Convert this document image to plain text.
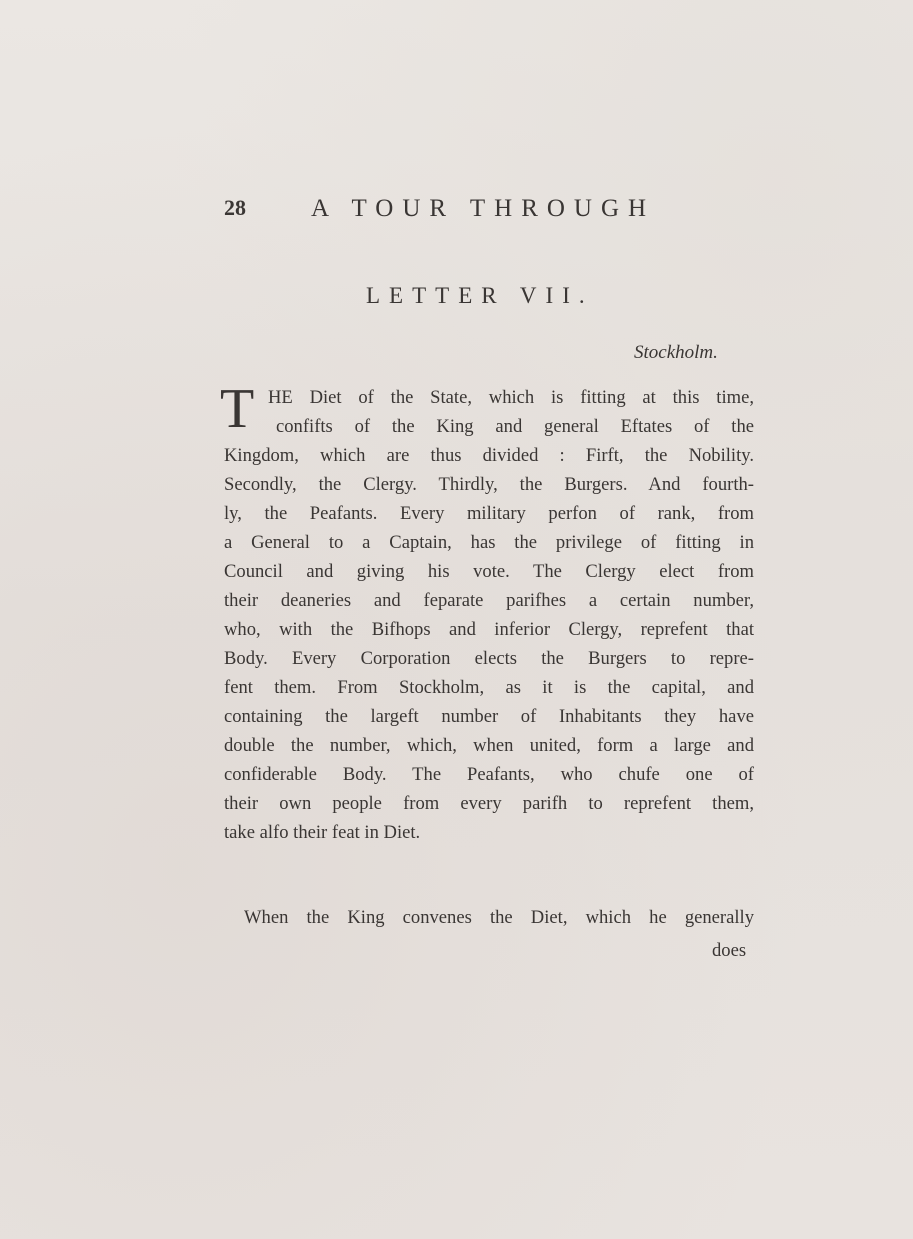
28	A TOUR THROUGH
LETTER VII.
Stockholm.
T HE Diet of the State, which is fitting at this time,
confifts of the King and general Eftates of the
Kingdom, which are thus divided : Firft, the Nobility.
Secondly, the Clergy. Thirdly, the Burgers. And fourth-
ly, the Peafants. Every military perfon of rank, from
a General to a Captain, has the privilege of fitting in
Council and giving his vote. The Clergy elect from
their deaneries and feparate parifhes a certain number,
who, with the Bifhops and inferior Clergy, reprefent that
Body. Every Corporation elects the Burgers to repre-
fent them. From Stockholm, as it is the capital, and
containing the largeft number of Inhabitants they have
double the number, which, when united, form a large and
confiderable Body. The Peafants, who chufe one of
their own people from every parifh to reprefent them,
take alfo their feat in Diet.
When the King convenes the Diet, which he generally
does
